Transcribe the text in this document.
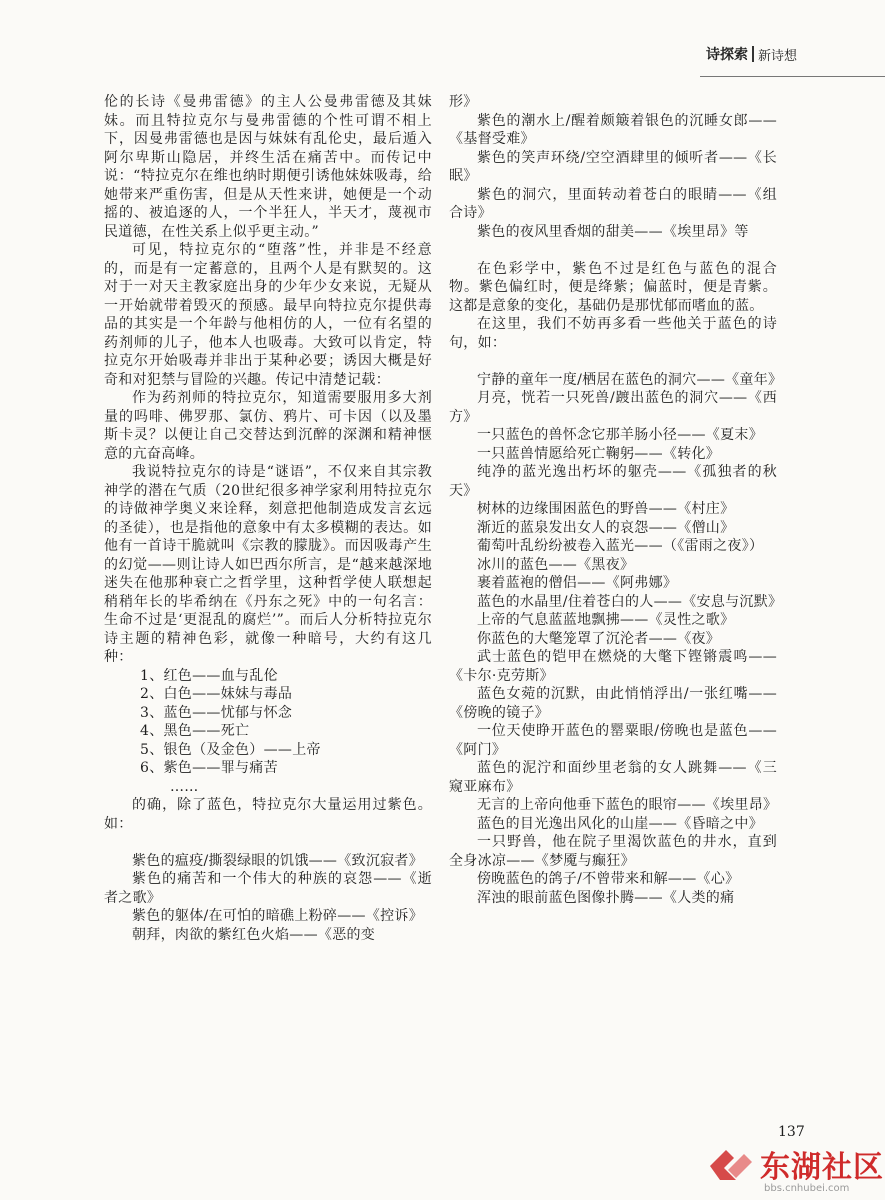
诗探索 新诗想

伦的长诗《曼弗雷德》的主人公曼弗雷德及其妹妹。而且特拉克尔与曼弗雷德的个性可谓不相上下，因曼弗雷德也是因与妹妹有乱伦史，最后遁入阿尔卑斯山隐居，并终生活在痛苦中。而传记中说：“特拉克尔在维也纳时期便引诱他妹妹吸毒，给她带来严重伤害，但是从天性来讲，她便是一个动摇的、被追逐的人，一个半狂人，半天才，蔑视市民道德，在性关系上似乎更主动。”

可见，特拉克尔的“堕落”性，并非是不经意的，而是有一定蓄意的，且两个人是有默契的。这对于一对天主教家庭出身的少年少女来说，无疑从一开始就带着毁灭的预感。最早向特拉克尔提供毒品的其实是一个年龄与他相仿的人，一位有名望的药剂师的儿子，他本人也吸毒。大致可以肯定，特拉克尔开始吸毒并非出于某种必要；诱因大概是好奇和对犯禁与冒险的兴趣。传记中清楚记载：

作为药剂师的特拉克尔，知道需要服用多大剂量的吗啡、佛罗那、氯仿、鸦片、可卡因（以及墨斯卡灵？以便让自己交替达到沉醉的深渊和精神惬意的亢奋高峰。

我说特拉克尔的诗是“谜语”，不仅来自其宗教神学的潜在气质（20世纪很多神学家利用特拉克尔的诗做神学奥义来诠释，刻意把他制造成发言玄远的圣徒），也是指他的意象中有太多模糊的表达。如他有一首诗干脆就叫《宗教的朦胧》。而因吸毒产生的幻觉——则让诗人如巴西尔所言，是“越来越深地迷失在他那种衰亡之哲学里，这种哲学使人联想起稍稍年长的毕希纳在《丹东之死》中的一句名言：生命不过是‘更混乱的腐烂’”。而后人分析特拉克尔诗主题的精神色彩，就像一种暗号，大约有这几种：

1、红色——血与乱伦

2、白色——妹妹与毒品

3、蓝色——忧郁与怀念

4、黑色——死亡

5、银色（及金色）——上帝

6、紫色——罪与痛苦

……

的确，除了蓝色，特拉克尔大量运用过紫色。如：

紫色的瘟疫/撕裂绿眼的饥饿——《致沉寂者》

紫色的痛苦和一个伟大的种族的哀怨——《逝者之歌》

紫色的躯体/在可怕的暗礁上粉碎——《控诉》

朝拜，肉欲的紫红色火焰——《恶的变

形》

紫色的潮水上/醒着颇簸着银色的沉睡女郎——《基督受难》

紫色的笑声环绕/空空酒肆里的倾听者——《长眠》

紫色的洞穴，里面转动着苍白的眼睛——《组合诗》

紫色的夜风里香烟的甜美——《埃里昂》等

在色彩学中，紫色不过是红色与蓝色的混合物。紫色偏红时，便是绛紫；偏蓝时，便是青紫。这都是意象的变化，基础仍是那忧郁而嗜血的蓝。

在这里，我们不妨再多看一些他关于蓝色的诗句，如：

宁静的童年一度/栖居在蓝色的洞穴——《童年》

月亮，恍若一只死兽/踱出蓝色的洞穴——《西方》

一只蓝色的兽怀念它那羊肠小径——《夏末》

一只蓝兽情愿给死亡鞠躬——《转化》

纯净的蓝光逸出朽坏的躯壳——《孤独者的秋天》

树林的边缘围困蓝色的野兽——《村庄》

渐近的蓝泉发出女人的哀怨——《僧山》

葡萄叶乱纷纷被卷入蓝光——（《雷雨之夜》）

冰川的蓝色——《黑夜》

裹着蓝袍的僧侣——《阿弗娜》

蓝色的水晶里/住着苍白的人——《安息与沉默》

上帝的气息蓝蓝地飘拂——《灵性之歌》

你蓝色的大氅笼罩了沉沦者——《夜》

武士蓝色的铠甲在燃烧的大氅下铿锵震鸣——《卡尔·克劳斯》

蓝色女菀的沉默，由此悄悄浮出/一张红嘴——《傍晚的镜子》

一位天使睁开蓝色的罂粟眼/傍晚也是蓝色——《阿门》

蓝色的泥泞和面纱里老翁的女人跳舞——《三窥亚麻布》

无言的上帝向他垂下蓝色的眼帘——《埃里昂》

蓝色的目光逸出风化的山崖——《昏暗之中》

一只野兽，他在院子里渴饮蓝色的井水，直到全身冰凉——《梦魇与癫狂》

傍晚蓝色的鸽子/不曾带来和解——《心》

浑浊的眼前蓝色图像扑腾——《人类的痛

137
东湖社区
bbs.cnhubei.com
